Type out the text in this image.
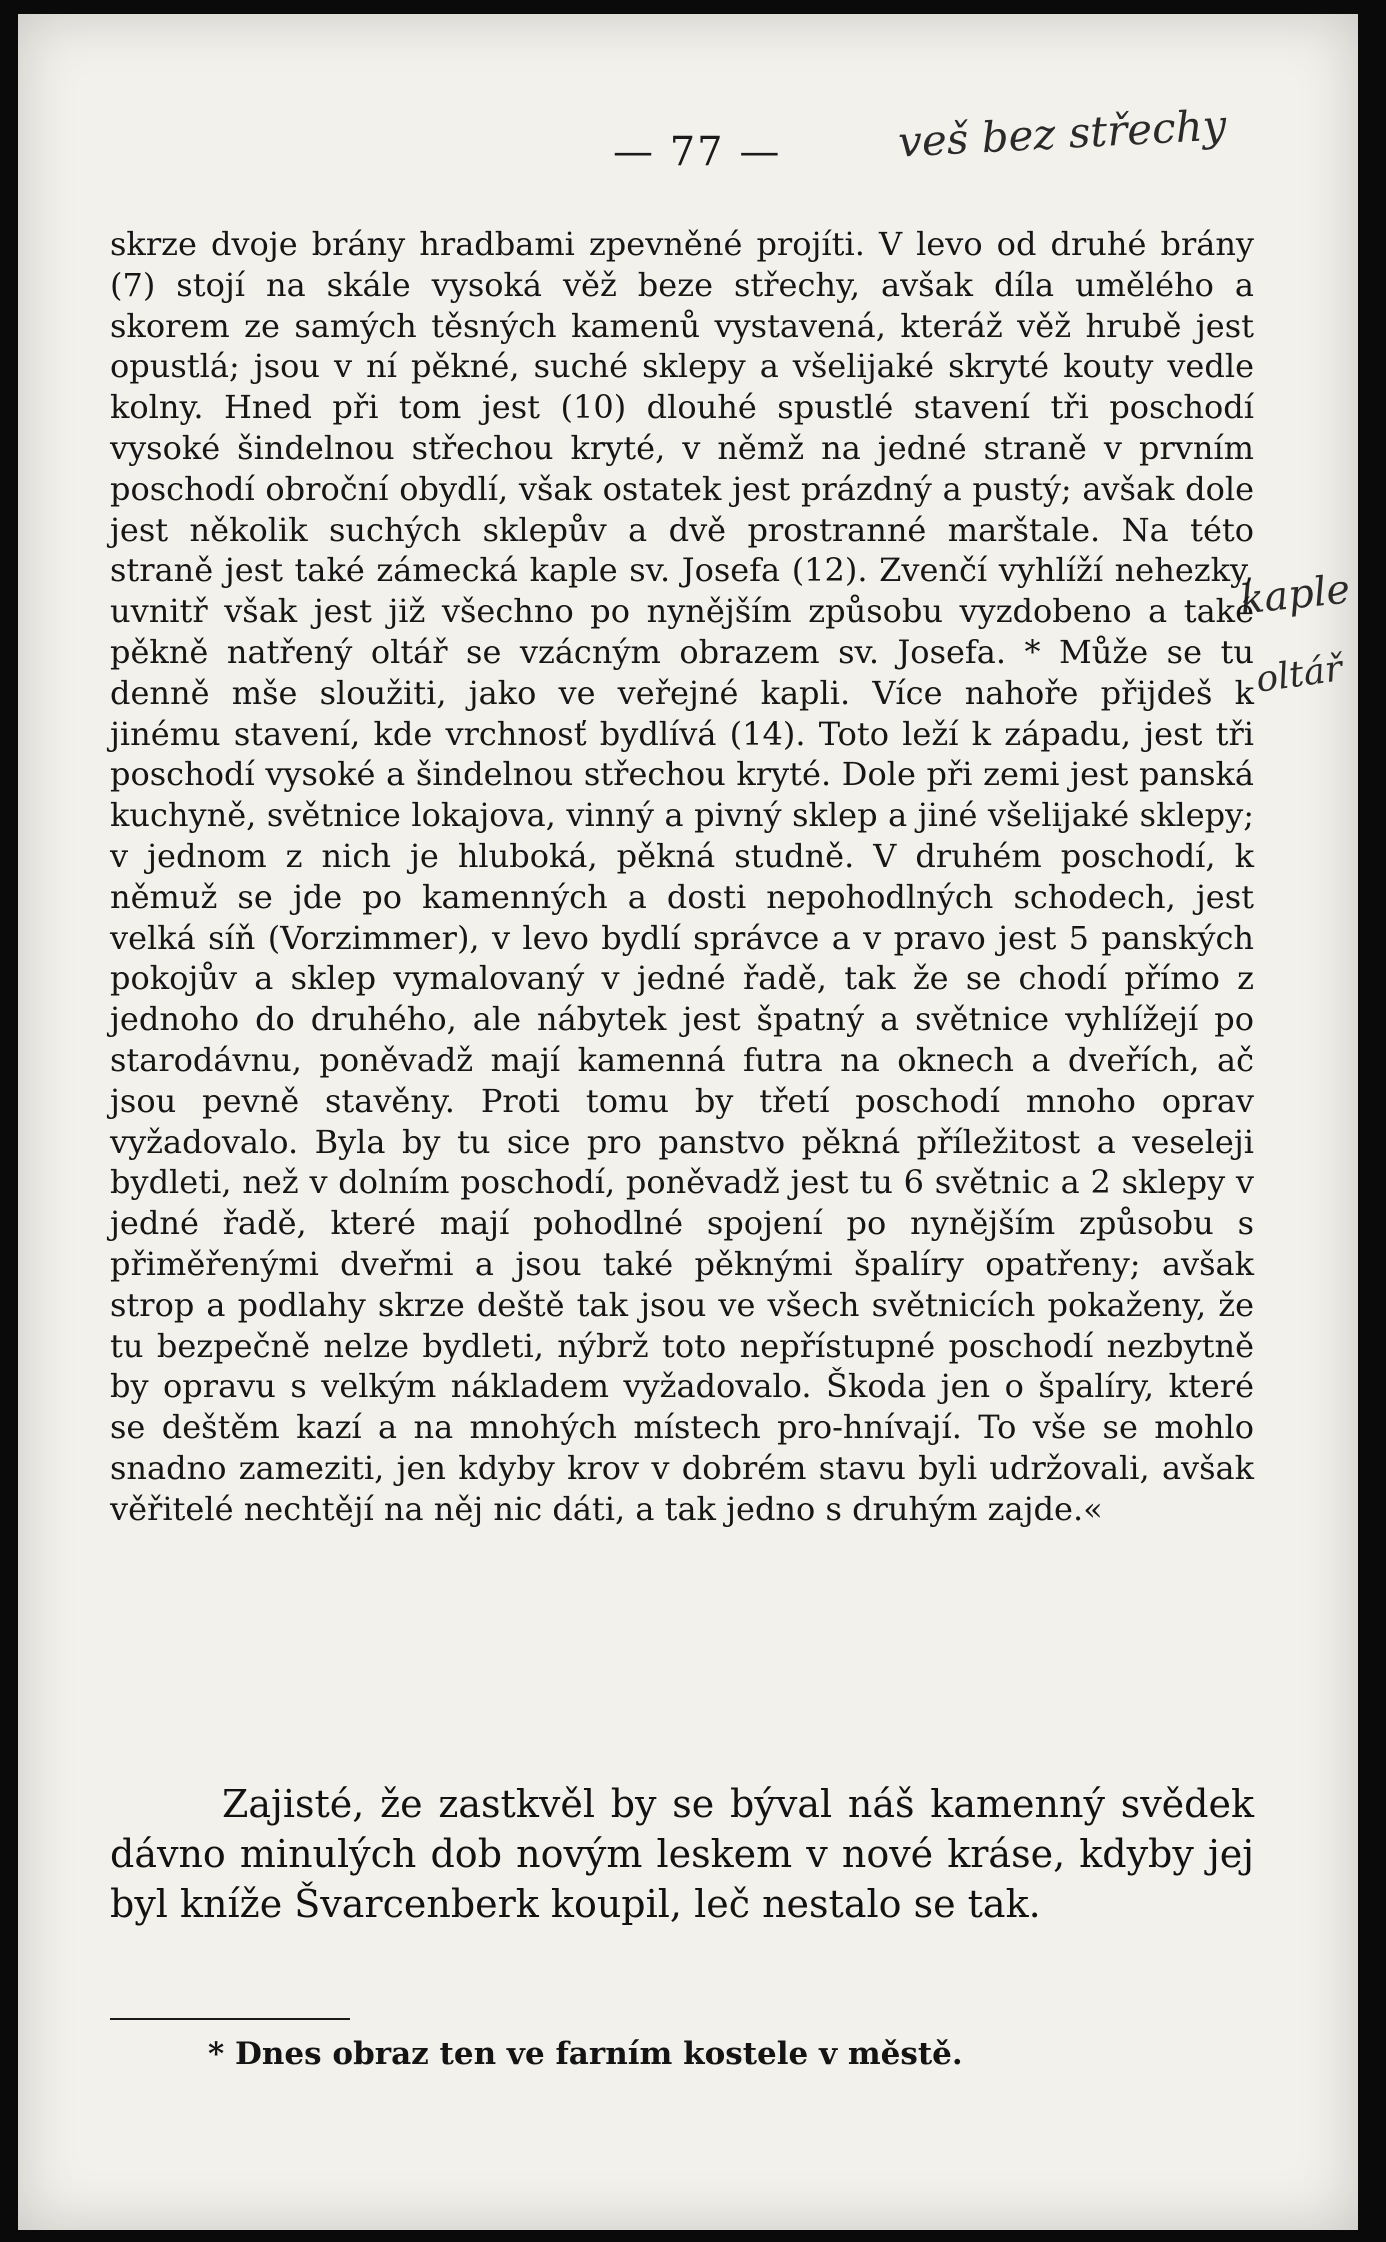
— 77 —	veš bez střechy
kaple
oltář

skrze dvoje brány hradbami zpevněné projíti. V levo od druhé brány (7) stojí na skále vysoká věž beze střechy, avšak díla umělého a skorem ze samých těsných kamenů vystavená, kteráž věž hrubě jest opustlá; jsou v ní pěkné, suché sklepy a všelijaké skryté kouty vedle kolny. Hned při tom jest (10) dlouhé spustlé stavení tři poschodí vysoké šindelnou střechou kryté, v němž na jedné straně v prvním poschodí obroční obydlí, však ostatek jest prázdný a pustý; avšak dole jest několik suchých sklepův a dvě prostranné marštale. Na této straně jest také zámecká kaple sv. Josefa (12). Zvenčí vyhlíží nehezky, uvnitř však jest již všechno po nynějším způsobu vyzdobeno a také pěkně natřený oltář se vzácným obrazem sv. Josefa. * Může se tu denně mše sloužiti, jako ve veřejné kapli. Více nahoře přijdeš k jinému stavení, kde vrchnosť bydlívá (14). Toto leží k západu, jest tři poschodí vysoké a šindelnou střechou kryté. Dole při zemi jest panská kuchyně, světnice lokajova, vinný a pivný sklep a jiné všelijaké sklepy; v jednom z nich je hluboká, pěkná studně. V druhém poschodí, k němuž se jde po kamenných a dosti nepohodlných schodech, jest velká síň (Vorzimmer), v levo bydlí správce a v pravo jest 5 panských pokojův a sklep vymalovaný v jedné řadě, tak že se chodí přímo z jednoho do druhého, ale nábytek jest špatný a světnice vyhlížejí po starodávnu, poněvadž mají kamenná futra na oknech a dveřích, ač jsou pevně stavěny. Proti tomu by třetí poschodí mnoho oprav vyžadovalo. Byla by tu sice pro panstvo pěkná příležitost a veseleji bydleti, než v dolním poschodí, poněvadž jest tu 6 světnic a 2 sklepy v jedné řadě, které mají pohodlné spojení po nynějším způsobu s přiměřenými dveřmi a jsou také pěknými špalíry opatřeny; avšak strop a podlahy skrze deště tak jsou ve všech světnicích pokaženy, že tu bezpečně nelze bydleti, nýbrž toto nepřístupné poschodí nezbytně by opravu s velkým nákladem vyžadovalo. Škoda jen o špalíry, které se deštěm kazí a na mnohých místech pro-hnívají. To vše se mohlo snadno zameziti, jen kdyby krov v dobrém stavu byli udržovali, avšak věřitelé nechtějí na něj nic dáti, a tak jedno s druhým zajde.«

Zajisté, že zastkvěl by se býval náš kamenný svědek dávno minulých dob novým leskem v nové kráse, kdyby jej byl kníže Švarcenberk koupil, leč nestalo se tak.

* Dnes obraz ten ve farním kostele v městě.
